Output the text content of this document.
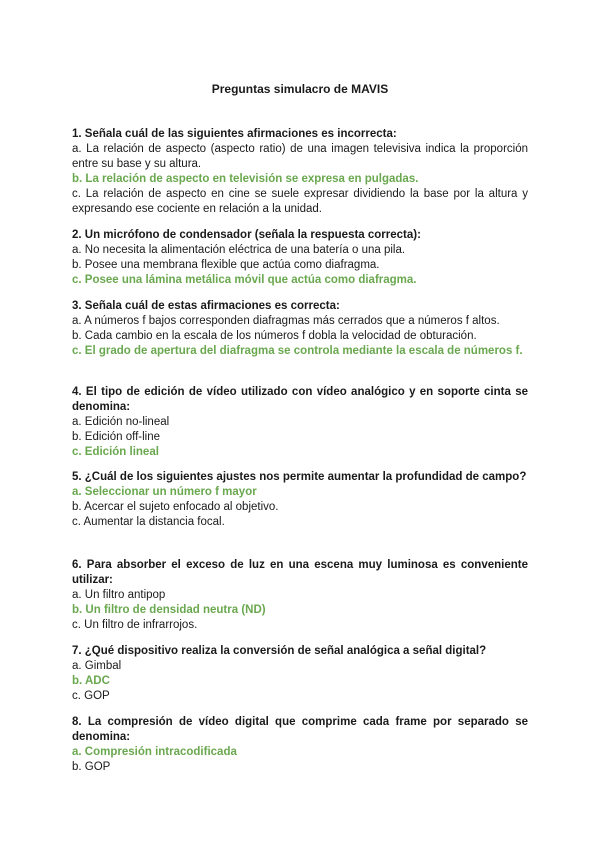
Preguntas simulacro de MAVIS
1. Señala cuál de las siguientes afirmaciones es incorrecta:
a. La relación de aspecto (aspecto ratio) de una imagen televisiva indica la proporción entre su base y su altura.
b. La relación de aspecto en televisión se expresa en pulgadas.
c. La relación de aspecto en cine se suele expresar dividiendo la base por la altura y expresando ese cociente en relación a la unidad.
2. Un micrófono de condensador (señala la respuesta correcta):
a. No necesita la alimentación eléctrica de una batería o una pila.
b. Posee una membrana flexible que actúa como diafragma.
c. Posee una lámina metálica móvil que actúa como diafragma.
3. Señala cuál de estas afirmaciones es correcta:
a. A números f bajos corresponden diafragmas más cerrados que a números f altos.
b. Cada cambio en la escala de los números f dobla la velocidad de obturación.
c. El grado de apertura del diafragma se controla mediante la escala de números f.
4. El tipo de edición de vídeo utilizado con vídeo analógico y en soporte cinta se denomina:
a. Edición no-lineal
b. Edición off-line
c. Edición lineal
5. ¿Cuál de los siguientes ajustes nos permite aumentar la profundidad de campo?
a. Seleccionar un número f mayor
b. Acercar el sujeto enfocado al objetivo.
c. Aumentar la distancia focal.
6. Para absorber el exceso de luz en una escena muy luminosa es conveniente utilizar:
a. Un filtro antipop
b. Un filtro de densidad neutra (ND)
c. Un filtro de infrarrojos.
7. ¿Qué dispositivo realiza la conversión de señal analógica a señal digital?
a. Gimbal
b. ADC
c. GOP
8. La compresión de vídeo digital que comprime cada frame por separado se denomina:
a. Compresión intracodificada
b. GOP
